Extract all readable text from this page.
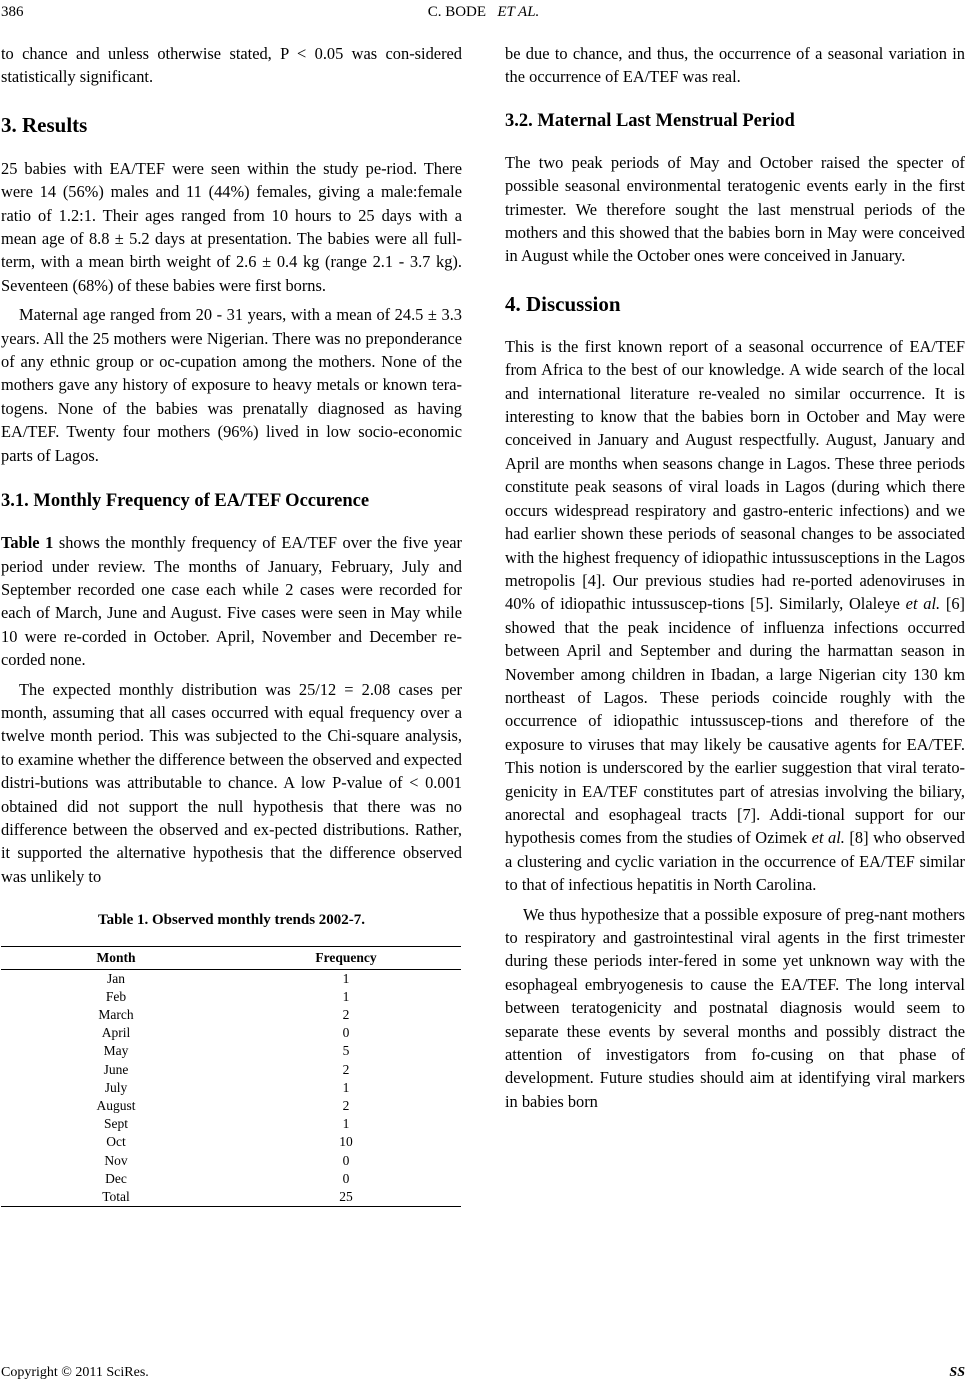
386	C. BODE ET AL.

to chance and unless otherwise stated, P < 0.05 was con-sidered statistically significant.

3. Results

25 babies with EA/TEF were seen within the study pe-riod. There were 14 (56%) males and 11 (44%) females, giving a male:female ratio of 1.2:1. Their ages ranged from 10 hours to 25 days with a mean age of 8.8 ± 5.2 days at presentation. The babies were all full-term, with a mean birth weight of 2.6 ± 0.4 kg (range 2.1 - 3.7 kg). Seventeen (68%) of these babies were first borns.

Maternal age ranged from 20 - 31 years, with a mean of 24.5 ± 3.3 years. All the 25 mothers were Nigerian. There was no preponderance of any ethnic group or oc-cupation among the mothers. None of the mothers gave any history of exposure to heavy metals or known tera-togens. None of the babies was prenatally diagnosed as having EA/TEF. Twenty four mothers (96%) lived in low socio-economic parts of Lagos.

3.1. Monthly Frequency of EA/TEF Occurence

Table 1 shows the monthly frequency of EA/TEF over the five year period under review. The months of January, February, July and September recorded one case each while 2 cases were recorded for each of March, June and August. Five cases were seen in May while 10 were re-corded in October. April, November and December re-corded none.

The expected monthly distribution was 25/12 = 2.08 cases per month, assuming that all cases occurred with equal frequency over a twelve month period. This was subjected to the Chi-square analysis, to examine whether the difference between the observed and expected distri-butions was attributable to chance. A low P-value of < 0.001 obtained did not support the null hypothesis that there was no difference between the observed and ex-pected distributions. Rather, it supported the alternative hypothesis that the difference observed was unlikely to

Table 1. Observed monthly trends 2002-7.

Month	Frequency
Jan	1
Feb	1
March	2
April	0
May	5
June	2
July	1
August	2
Sept	1
Oct	10
Nov	0
Dec	0
Total	25

be due to chance, and thus, the occurrence of a seasonal variation in the occurrence of EA/TEF was real.

3.2. Maternal Last Menstrual Period

The two peak periods of May and October raised the specter of possible seasonal environmental teratogenic events early in the first trimester. We therefore sought the last menstrual periods of the mothers and this showed that the babies born in May were conceived in August while the October ones were conceived in January.

4. Discussion

This is the first known report of a seasonal occurrence of EA/TEF from Africa to the best of our knowledge. A wide search of the local and international literature re-vealed no similar occurrence. It is interesting to know that the babies born in October and May were conceived in January and August respectfully. August, January and April are months when seasons change in Lagos. These three periods constitute peak seasons of viral loads in Lagos (during which there occurs widespread respiratory and gastro-enteric infections) and we had earlier shown these periods of seasonal changes to be associated with the highest frequency of idiopathic intussusceptions in the Lagos metropolis [4]. Our previous studies had re-ported adenoviruses in 40% of idiopathic intussuscep-tions [5]. Similarly, Olaleye et al. [6] showed that the peak incidence of influenza infections occurred between April and September and during the harmattan season in November among children in Ibadan, a large Nigerian city 130 km northeast of Lagos. These periods coincide roughly with the occurrence of idiopathic intussuscep-tions and therefore of the exposure to viruses that may likely be causative agents for EA/TEF. This notion is underscored by the earlier suggestion that viral terato-genicity in EA/TEF constitutes part of atresias involving the biliary, anorectal and esophageal tracts [7]. Addi-tional support for our hypothesis comes from the studies of Ozimek et al. [8] who observed a clustering and cyclic variation in the occurrence of EA/TEF similar to that of infectious hepatitis in North Carolina.

We thus hypothesize that a possible exposure of preg-nant mothers to respiratory and gastrointestinal viral agents in the first trimester during these periods inter-fered in some yet unknown way with the esophageal embryogenesis to cause the EA/TEF. The long interval between teratogenicity and postnatal diagnosis would seem to separate these events by several months and possibly distract the attention of investigators from fo-cusing on that phase of development. Future studies should aim at identifying viral markers in babies born

Copyright © 2011 SciRes.	SS
